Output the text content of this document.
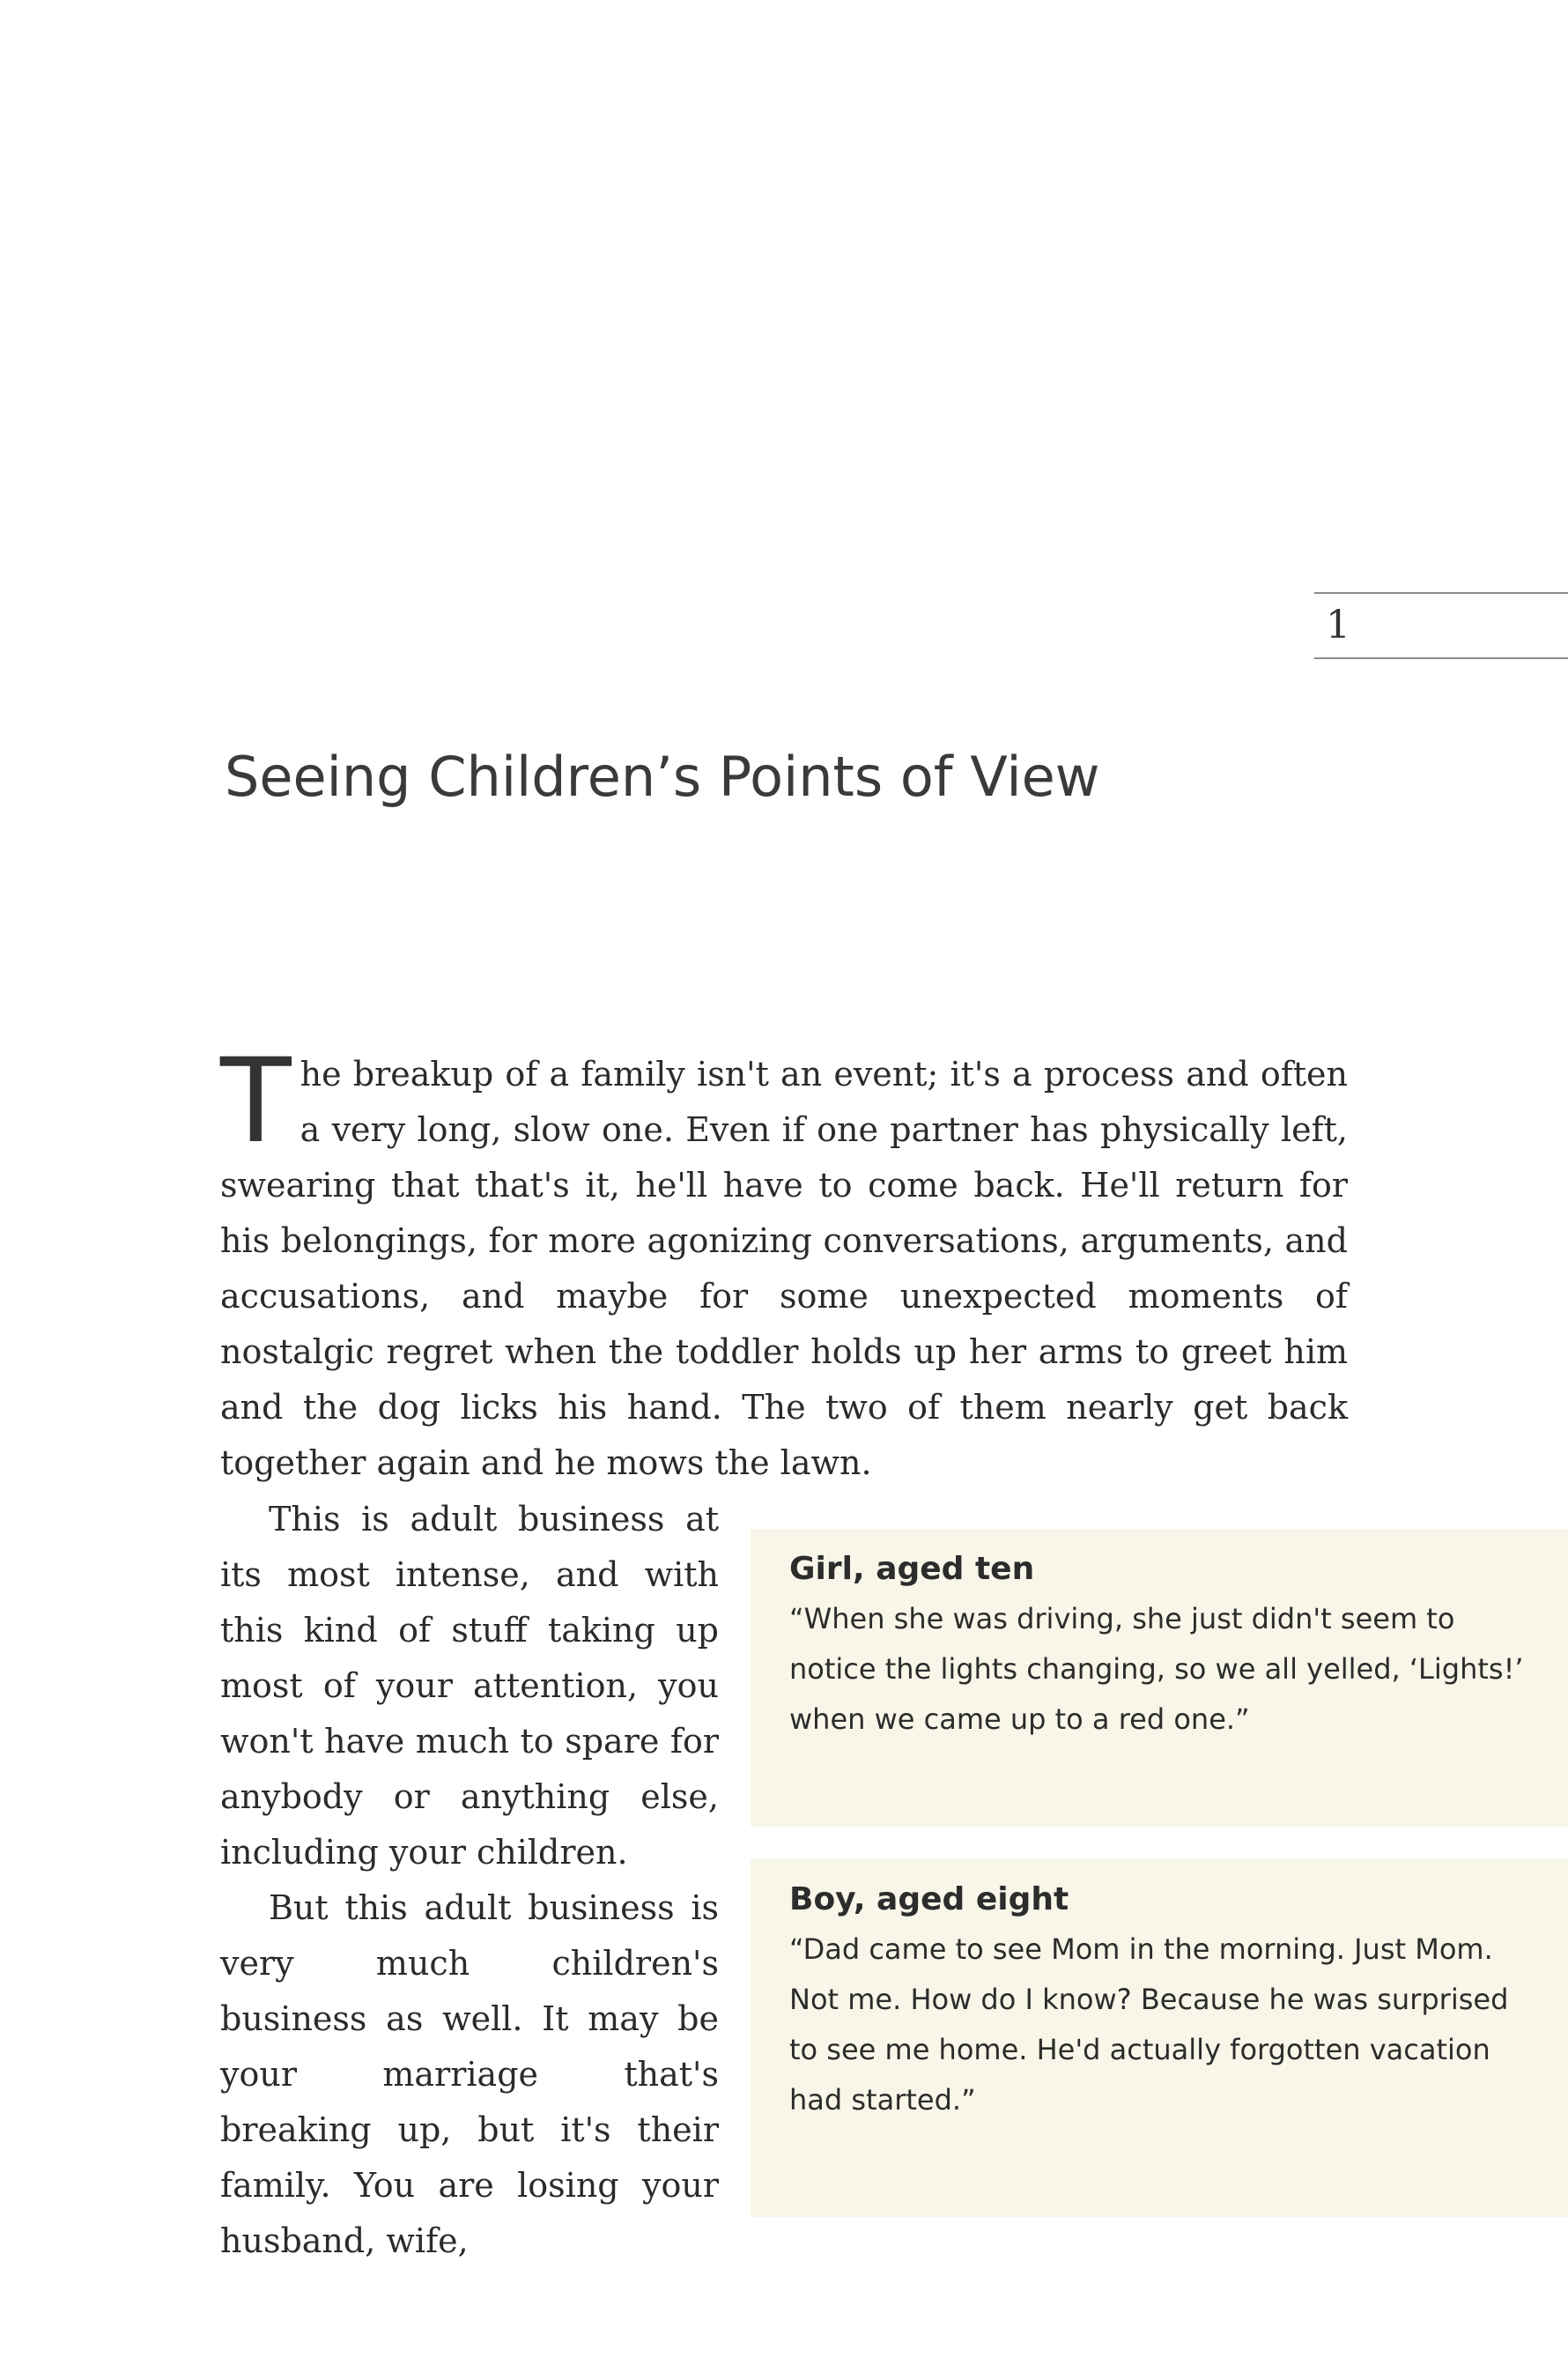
1
Seeing Children’s Points of View
The breakup of a family isn't an event; it's a process and often a very long, slow one. Even if one partner has physically left, swearing that that's it, he'll have to come back. He'll return for his belongings, for more agonizing conversations, arguments, and accusations, and maybe for some unexpected moments of nostalgic regret when the toddler holds up her arms to greet him and the dog licks his hand. The two of them nearly get back together again and he mows the lawn.

This is adult business at its most intense, and with this kind of stuff taking up most of your attention, you won't have much to spare for anybody or anything else, including your children.

But this adult business is very much children's business as well. It may be your marriage that's breaking up, but it's their family. You are losing your husband, wife,

Girl, aged ten
“When she was driving, she just didn't seem to notice the lights changing, so we all yelled, ‘Lights!’ when we came up to a red one.”
Boy, aged eight
“Dad came to see Mom in the morning. Just Mom. Not me. How do I know? Because he was surprised to see me home. He'd actually forgotten vacation had started.”
